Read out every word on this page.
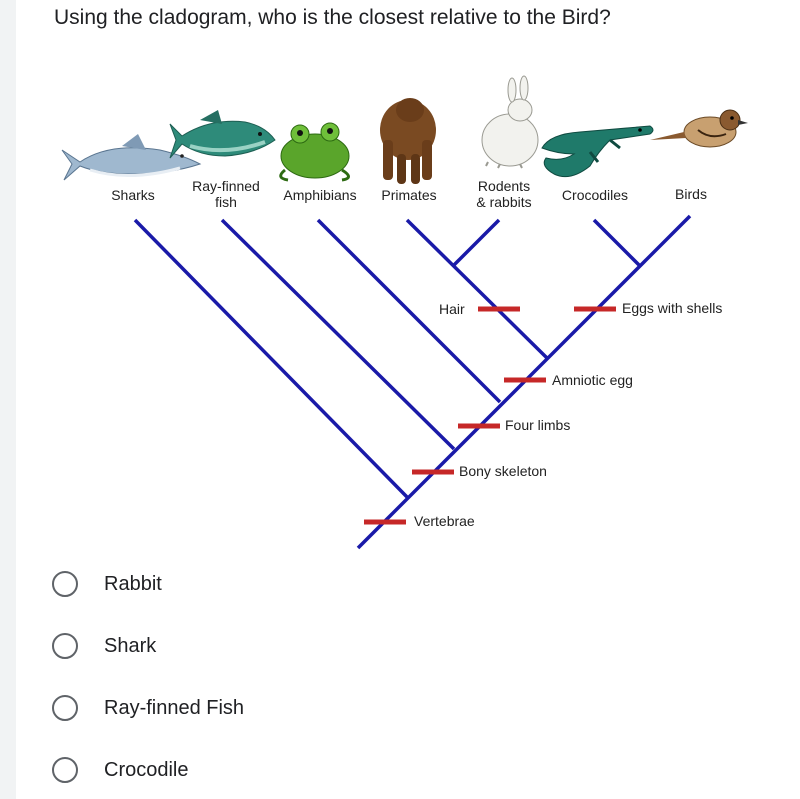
Using the cladogram, who is the closest relative to the Bird?
Sharks
Ray-finned
fish	Amphibians	Primates
Rodents
& rabbits	Crocodiles	Birds
Vertebrae
Bony skeleton
Four limbs
Amniotic egg
Hair	Eggs with shells
Rabbit
Shark
Ray-finned Fish
Crocodile
